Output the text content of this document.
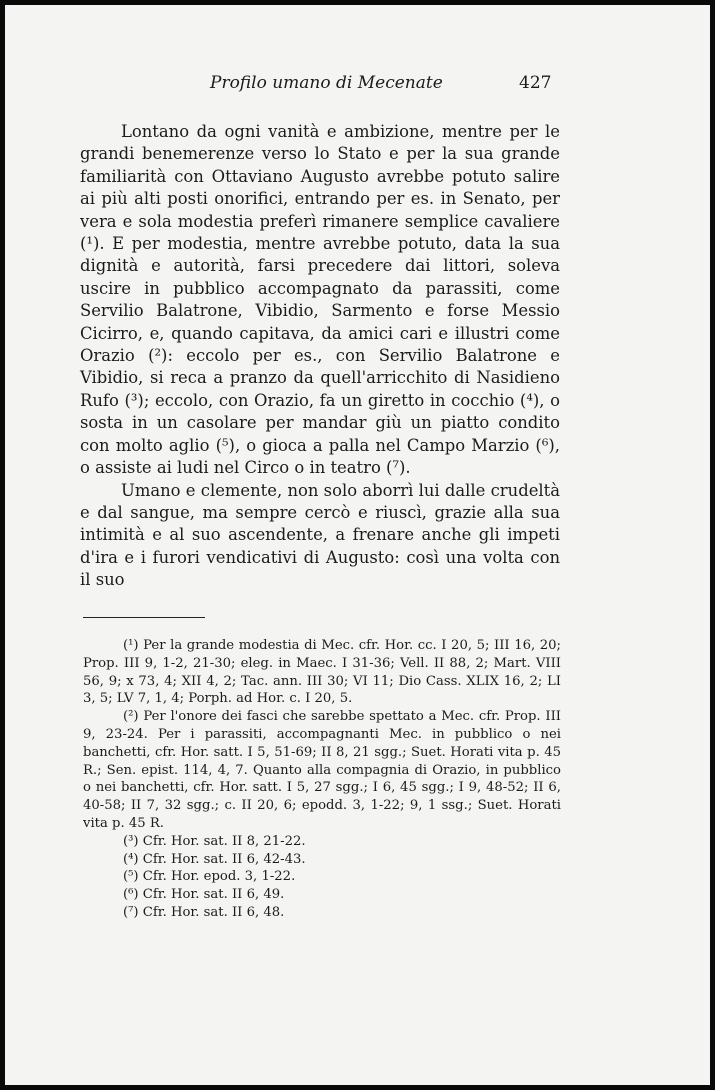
Profilo umano di Mecenate	427

Lontano da ogni vanità e ambizione, mentre per le grandi benemerenze verso lo Stato e per la sua grande familiarità con Ottaviano Augusto avrebbe potuto salire ai più alti posti onorifici, entrando per es. in Senato, per vera e sola modestia preferì rimanere semplice cavaliere (¹). E per modestia, mentre avrebbe potuto, data la sua dignità e autorità, farsi precedere dai littori, soleva uscire in pubblico accompagnato da parassiti, come Servilio Balatrone, Vibidio, Sarmento e forse Messio Cicirro, e, quando capitava, da amici cari e illustri come Orazio (²): eccolo per es., con Servilio Balatrone e Vibidio, si reca a pranzo da quell'arricchito di Nasidieno Rufo (³); eccolo, con Orazio, fa un giretto in cocchio (⁴), o sosta in un casolare per mandar giù un piatto condito con molto aglio (⁵), o gioca a palla nel Campo Marzio (⁶), o assiste ai ludi nel Circo o in teatro (⁷).

Umano e clemente, non solo aborrì lui dalle crudeltà e dal sangue, ma sempre cercò e riuscì, grazie alla sua intimità e al suo ascendente, a frenare anche gli impeti d'ira e i furori vendicativi di Augusto: così una volta con il suo

(¹) Per la grande modestia di Mec. cfr. Hor. cc. I 20, 5; III 16, 20; Prop. III 9, 1-2, 21-30; eleg. in Maec. I 31-36; Vell. II 88, 2; Mart. VIII 56, 9; x 73, 4; XII 4, 2; Tac. ann. III 30; VI 11; Dio Cass. XLIX 16, 2; LI 3, 5; LV 7, 1, 4; Porph. ad Hor. c. I 20, 5.

(²) Per l'onore dei fasci che sarebbe spettato a Mec. cfr. Prop. III 9, 23-24. Per i parassiti, accompagnanti Mec. in pubblico o nei banchetti, cfr. Hor. satt. I 5, 51-69; II 8, 21 sgg.; Suet. Horati vita p. 45 R.; Sen. epist. 114, 4, 7. Quanto alla compagnia di Orazio, in pubblico o nei banchetti, cfr. Hor. satt. I 5, 27 sgg.; I 6, 45 sgg.; I 9, 48-52; II 6, 40-58; II 7, 32 sgg.; c. II 20, 6; epodd. 3, 1-22; 9, 1 ssg.; Suet. Horati vita p. 45 R.

(³) Cfr. Hor. sat. II 8, 21-22.

(⁴) Cfr. Hor. sat. II 6, 42-43.

(⁵) Cfr. Hor. epod. 3, 1-22.

(⁶) Cfr. Hor. sat. II 6, 49.

(⁷) Cfr. Hor. sat. II 6, 48.
